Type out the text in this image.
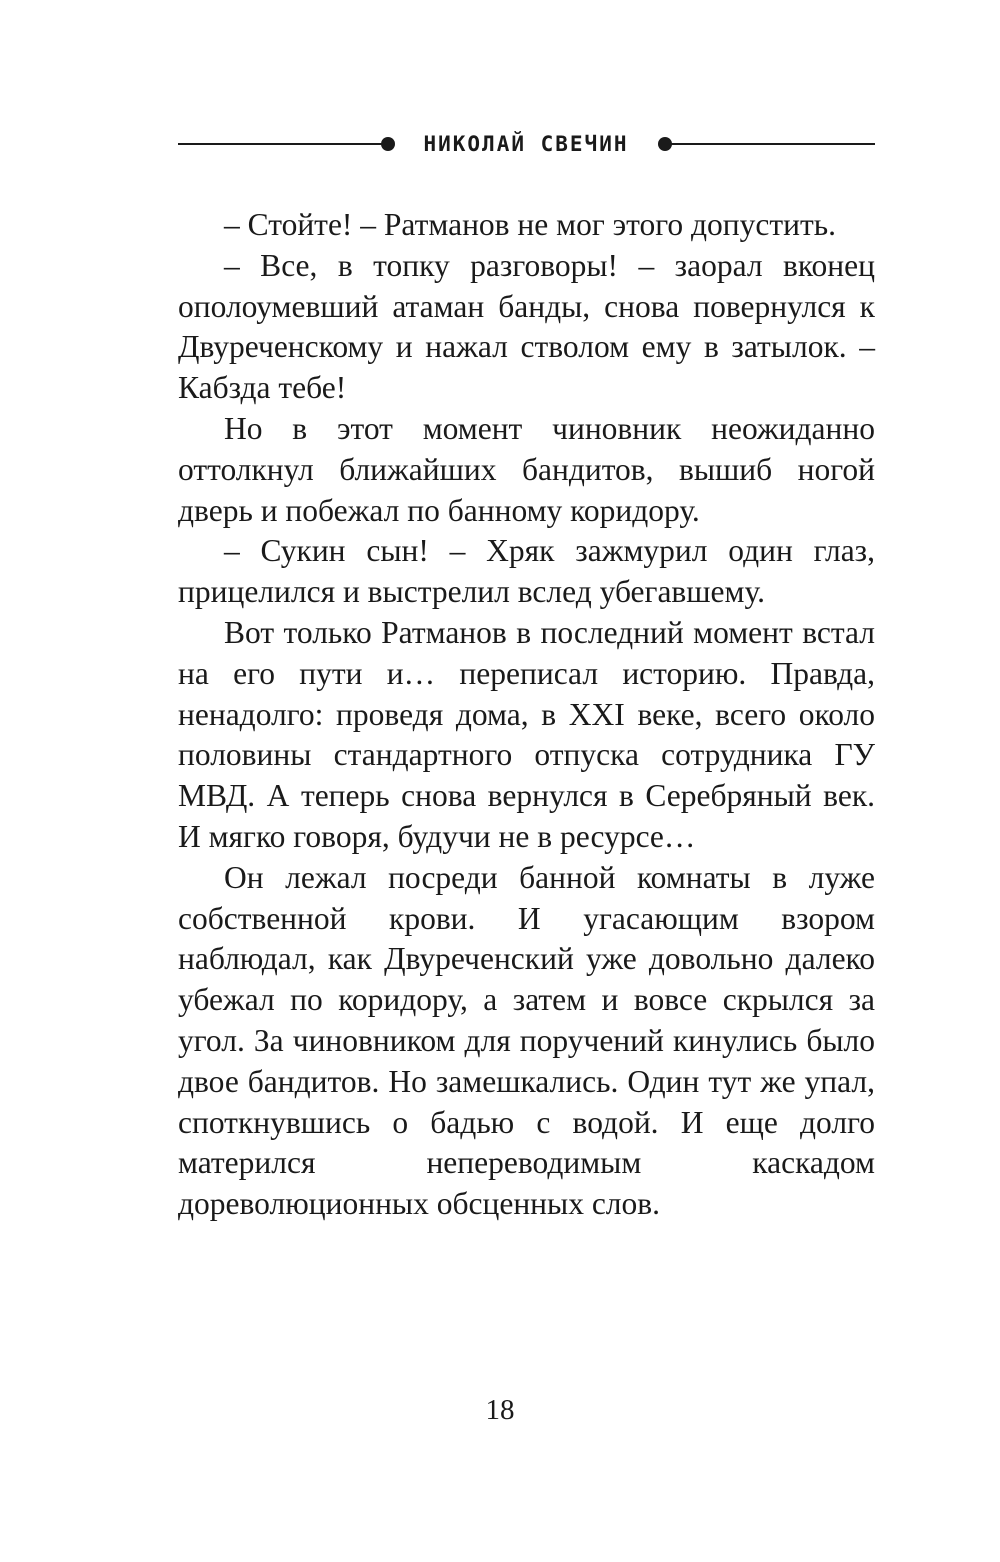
НИКОЛАЙ СВЕЧИН

– Стойте! – Ратманов не мог этого допустить.

– Все, в топку разговоры! – заорал вконец ополоумевший атаман банды, снова повернулся к Двуреченскому и нажал стволом ему в затылок. – Кабзда тебе!

Но в этот момент чиновник неожиданно оттолкнул ближайших бандитов, вышиб ногой дверь и побежал по банному коридору.

– Сукин сын! – Хряк зажмурил один глаз, прицелился и выстрелил вслед убегавшему.

Вот только Ратманов в последний момент встал на его пути и… переписал историю. Правда, ненадолго: проведя дома, в XXI веке, всего около половины стандартного отпуска сотрудника ГУ МВД. А теперь снова вернулся в Серебряный век. И мягко говоря, будучи не в ресурсе…

Он лежал посреди банной комнаты в луже собственной крови. И угасающим взором наблюдал, как Двуреченский уже довольно далеко убежал по коридору, а затем и вовсе скрылся за угол. За чиновником для поручений кинулись было двое бандитов. Но замешкались. Один тут же упал, споткнувшись о бадью с водой. И еще долго матерился непереводимым каскадом дореволюционных обсценных слов.

18
